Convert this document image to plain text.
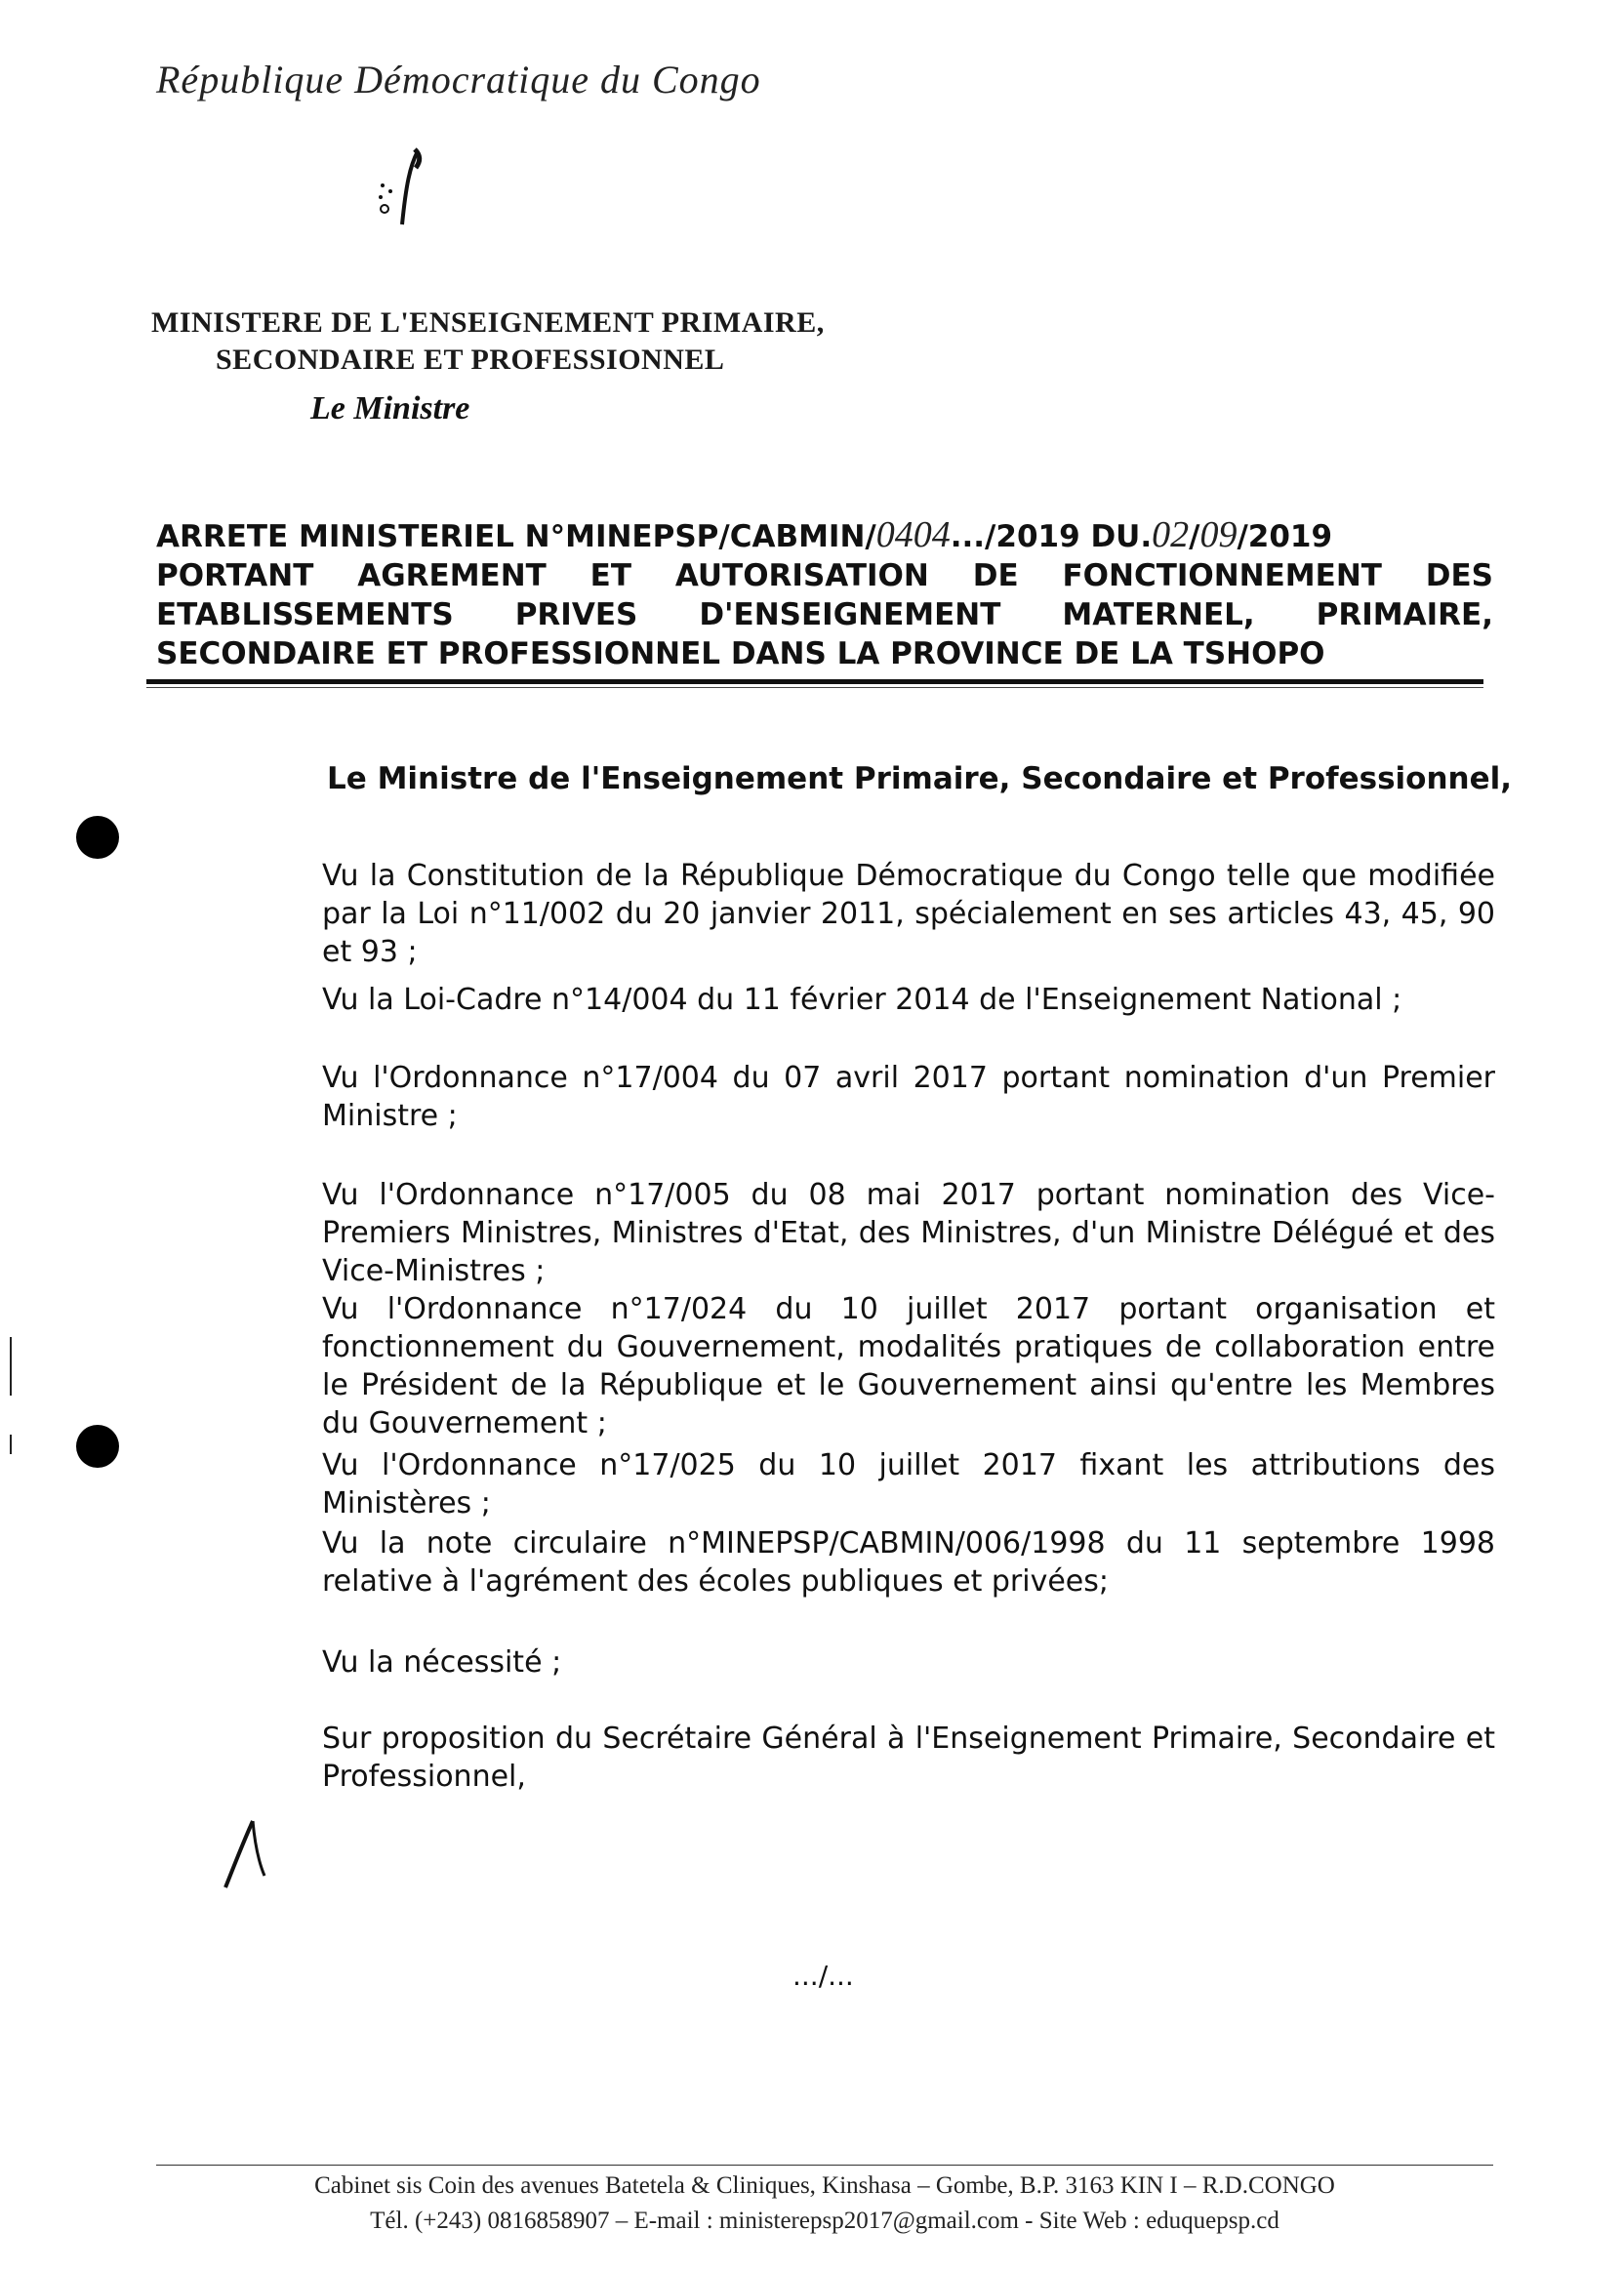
République Démocratique du Congo
MINISTERE DE L'ENSEIGNEMENT PRIMAIRE,
SECONDAIRE ET PROFESSIONNEL
Le Ministre
ARRETE MINISTERIEL N°MINEPSP/CABMIN/0404.../2019 DU.02/09/2019
PORTANT AGREMENT ET AUTORISATION DE FONCTIONNEMENT DES
ETABLISSEMENTS PRIVES D'ENSEIGNEMENT MATERNEL, PRIMAIRE,
SECONDAIRE ET PROFESSIONNEL DANS LA PROVINCE DE LA TSHOPO
Le Ministre de l'Enseignement Primaire, Secondaire et Professionnel,
Vu la Constitution de la République Démocratique du Congo telle que modifiée par la Loi n°11/002 du 20 janvier 2011, spécialement en ses articles 43, 45, 90 et 93 ;
Vu la Loi-Cadre n°14/004 du 11 février 2014 de l'Enseignement National ;
Vu l'Ordonnance n°17/004 du 07 avril 2017 portant nomination d'un Premier Ministre ;
Vu l'Ordonnance n°17/005 du 08 mai 2017 portant nomination des Vice-Premiers Ministres, Ministres d'Etat, des Ministres, d'un Ministre Délégué et des Vice-Ministres ;
Vu l'Ordonnance n°17/024 du 10 juillet 2017 portant organisation et fonctionnement du Gouvernement, modalités pratiques de collaboration entre le Président de la République et le Gouvernement ainsi qu'entre les Membres du Gouvernement ;
Vu l'Ordonnance n°17/025 du 10 juillet 2017 fixant les attributions des Ministères ;
Vu la note circulaire n°MINEPSP/CABMIN/006/1998 du 11 septembre 1998 relative à l'agrément des écoles publiques et privées;
Vu la nécessité ;
Sur proposition du Secrétaire Général à l'Enseignement Primaire, Secondaire et Professionnel,
.../...
Cabinet sis Coin des avenues Batetela & Cliniques, Kinshasa – Gombe, B.P. 3163 KIN I – R.D.CONGO
Tél. (+243) 0816858907 – E-mail : ministerepsp2017@gmail.com - Site Web : eduquepsp.cd
